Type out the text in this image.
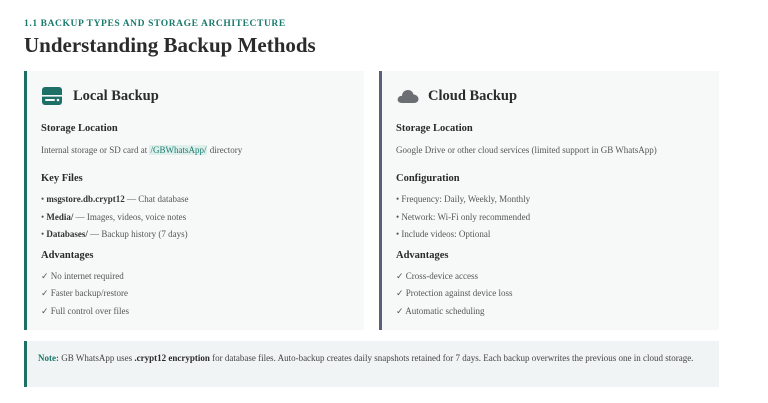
1.1 BACKUP TYPES AND STORAGE ARCHITECTURE
Understanding Backup Methods
Local Backup
Storage Location
Internal storage or SD card at /GBWhatsApp/ directory
Key Files
• msgstore.db.crypt12 — Chat database
• Media/ — Images, videos, voice notes
• Databases/ — Backup history (7 days)
Advantages
✓ No internet required
✓ Faster backup/restore
✓ Full control over files
Cloud Backup
Storage Location
Google Drive or other cloud services (limited support in GB WhatsApp)
Configuration
• Frequency: Daily, Weekly, Monthly
• Network: Wi-Fi only recommended
• Include videos: Optional
Advantages
✓ Cross-device access
✓ Protection against device loss
✓ Automatic scheduling
Note: GB WhatsApp uses .crypt12 encryption for database files. Auto-backup creates daily snapshots retained for 7 days. Each backup overwrites the previous one in cloud storage.
